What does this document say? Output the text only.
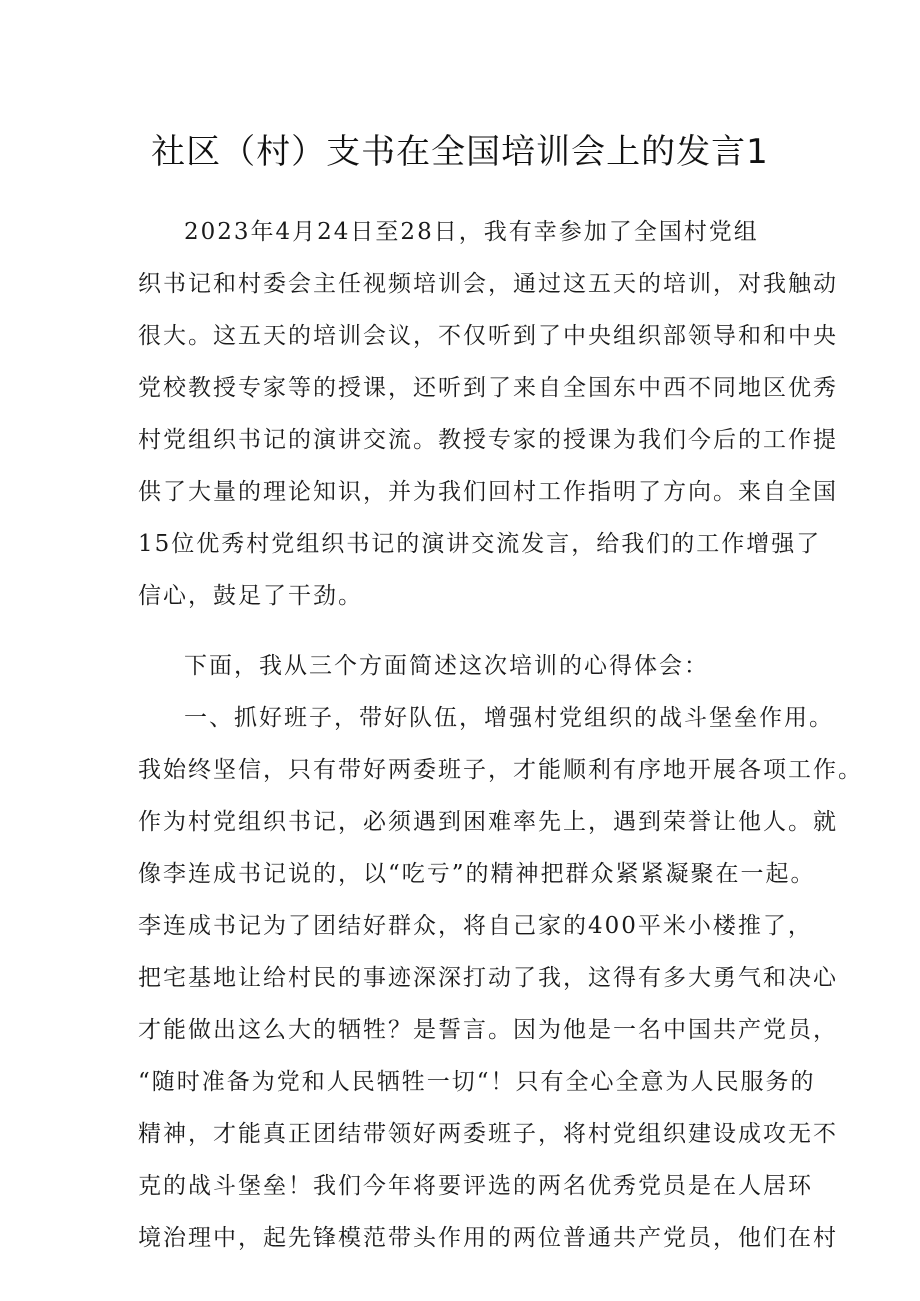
社区（村）支书在全国培训会上的发言1
2023年4月24日至28日，我有幸参加了全国村党组
织书记和村委会主任视频培训会，通过这五天的培训，对我触动
很大。这五天的培训会议，不仅听到了中央组织部领导和和中央
党校教授专家等的授课，还听到了来自全国东中西不同地区优秀
村党组织书记的演讲交流。教授专家的授课为我们今后的工作提
供了大量的理论知识，并为我们回村工作指明了方向。来自全国
15位优秀村党组织书记的演讲交流发言，给我们的工作增强了
信心，鼓足了干劲。
下面，我从三个方面简述这次培训的心得体会：
一、抓好班子，带好队伍，增强村党组织的战斗堡垒作用。
我始终坚信，只有带好两委班子，才能顺利有序地开展各项工作。
作为村党组织书记，必须遇到困难率先上，遇到荣誉让他人。就
像李连成书记说的，以“吃亏”的精神把群众紧紧凝聚在一起。
李连成书记为了团结好群众，将自己家的400平米小楼推了，
把宅基地让给村民的事迹深深打动了我，这得有多大勇气和决心
才能做出这么大的牺牲？是誓言。因为他是一名中国共产党员，
“随时准备为党和人民牺牲一切“！只有全心全意为人民服务的
精神，才能真正团结带领好两委班子，将村党组织建设成攻无不
克的战斗堡垒！我们今年将要评选的两名优秀党员是在人居环
境治理中，起先锋模范带头作用的两位普通共产党员，他们在村
